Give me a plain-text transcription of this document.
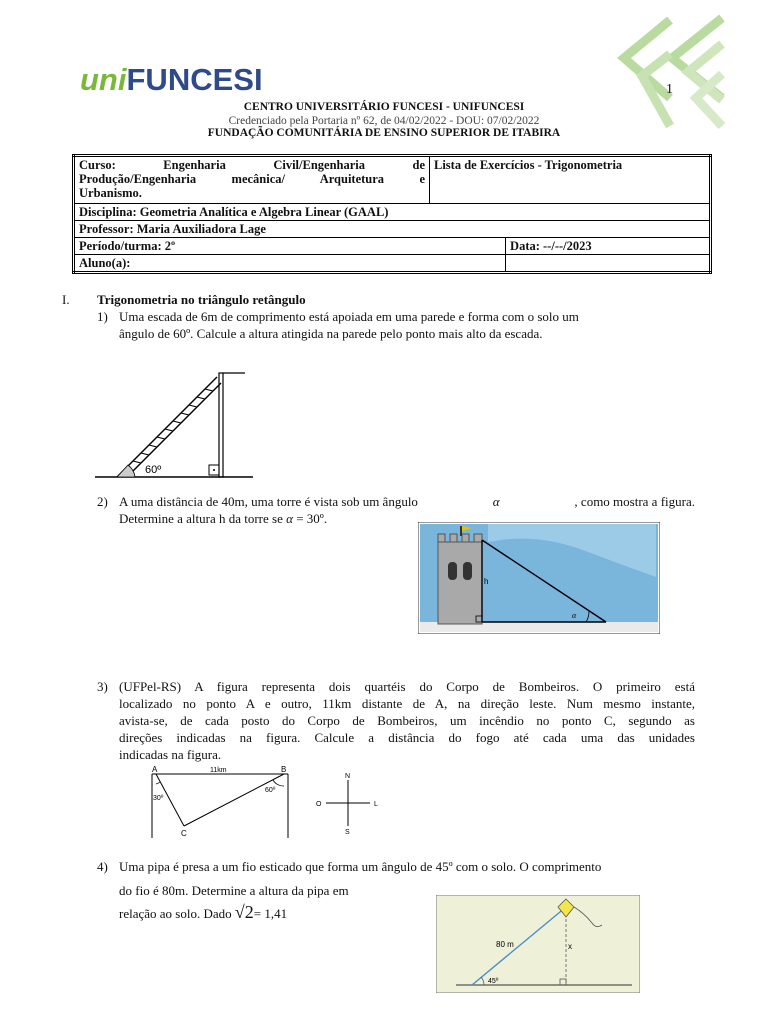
uniFUNCESI	1
CENTRO UNIVERSITÁRIO FUNCESI - UNIFUNCESI
Credenciado pela Portaria nº 62, de 04/02/2022 - DOU: 07/02/2022
FUNDAÇÃO COMUNITÁRIA DE ENSINO SUPERIOR DE ITABIRA
Curso: Engenharia Civil/Engenharia de
Produção/Engenharia mecânica/ Arquitetura e
Urbanismo.	Lista de Exercícios - Trigonometria	
Disciplina: Geometria Analítica e Algebra Linear (GAAL)		
Professor: Maria Auxiliadora Lage		
Período/turma: 2º		Data: --/--/2023
Aluno(a):		
I. Trigonometria no triângulo retângulo
1) Uma escada de 6m de comprimento está apoiada em uma parede e forma com o solo um
ângulo de 60º. Calcule a altura atingida na parede pelo ponto mais alto da escada.
60º
2) A uma distância de 40m, uma torre é vista sob um ângulo	α	, como mostra a figura.
Determine a altura h da torre se α = 30º.
h
α
3) (UFPel-RS) A figura representa dois quartéis do Corpo de Bombeiros. O primeiro está
localizado no ponto A e outro, 11km distante de A, na direção leste. Num mesmo instante,
avista-se, de cada posto do Corpo de Bombeiros, um incêndio no ponto C, segundo as
direções indicadas na figura. Calcule a distância do fogo até cada uma das unidades
indicadas na figura.
A	B
C
11km
30º
60º
N
S
O	L
4) Uma pipa é presa a um fio esticado que forma um ângulo de 45º com o solo. O comprimento
do fio é 80m. Determine a altura da pipa em
relação ao solo. Dado √2= 1,41
80 m	x
45º
